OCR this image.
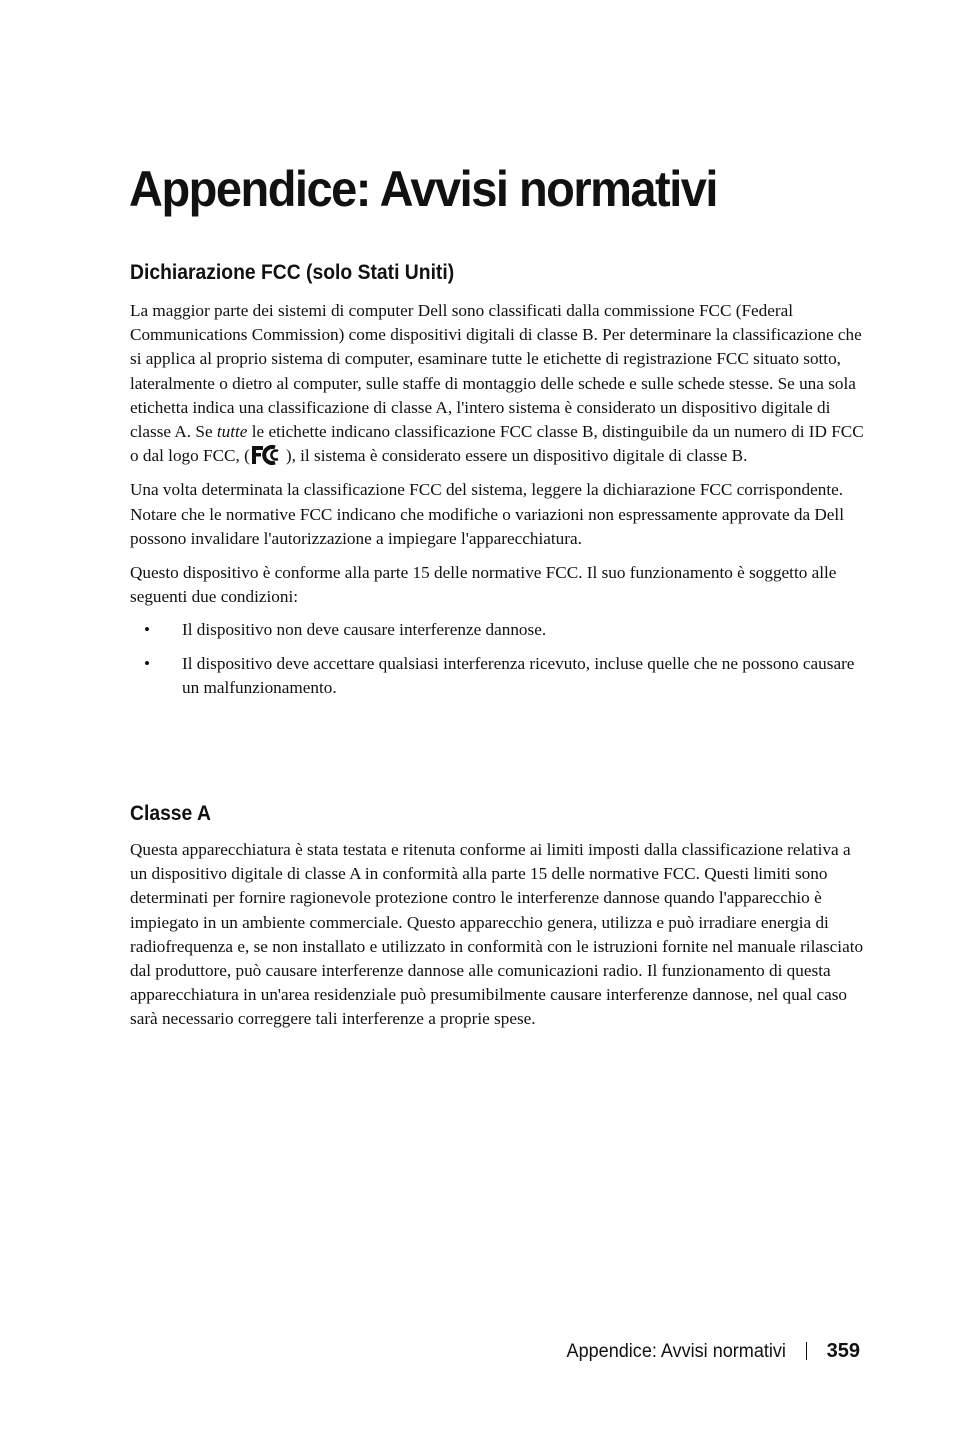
Appendice: Avvisi normativi
Dichiarazione FCC (solo Stati Uniti)

La maggior parte dei sistemi di computer Dell sono classificati dalla commissione FCC (Federal Communications Commission) come dispositivi digitali di classe B. Per determinare la classificazione che si applica al proprio sistema di computer, esaminare tutte le etichette di registrazione FCC situato sotto, lateralmente o dietro al computer, sulle staffe di montaggio delle schede e sulle schede stesse. Se una sola etichetta indica una classificazione di classe A, l'intero sistema è considerato un dispositivo digitale di classe A. Se tutte le etichette indicano classificazione FCC classe B, distinguibile da un numero di ID FCC o dal logo FCC, ( ), il sistema è considerato essere un dispositivo digitale di classe B.

Una volta determinata la classificazione FCC del sistema, leggere la dichiarazione FCC corrispondente. Notare che le normative FCC indicano che modifiche o variazioni non espressamente approvate da Dell possono invalidare l'autorizzazione a impiegare l'apparecchiatura.

Questo dispositivo è conforme alla parte 15 delle normative FCC. Il suo funzionamento è soggetto alle seguenti due condizioni:

• Il dispositivo non deve causare interferenze dannose.
• Il dispositivo deve accettare qualsiasi interferenza ricevuto, incluse quelle che ne possono causare un malfunzionamento.
Classe A

Questa apparecchiatura è stata testata e ritenuta conforme ai limiti imposti dalla classificazione relativa a un dispositivo digitale di classe A in conformità alla parte 15 delle normative FCC. Questi limiti sono determinati per fornire ragionevole protezione contro le interferenze dannose quando l'apparecchio è impiegato in un ambiente commerciale. Questo apparecchio genera, utilizza e può irradiare energia di radiofrequenza e, se non installato e utilizzato in conformità con le istruzioni fornite nel manuale rilasciato dal produttore, può causare interferenze dannose alle comunicazioni radio. Il funzionamento di questa apparecchiatura in un'area residenziale può presumibilmente causare interferenze dannose, nel qual caso sarà necessario correggere tali interferenze a proprie spese.

Appendice: Avvisi normativi 359
